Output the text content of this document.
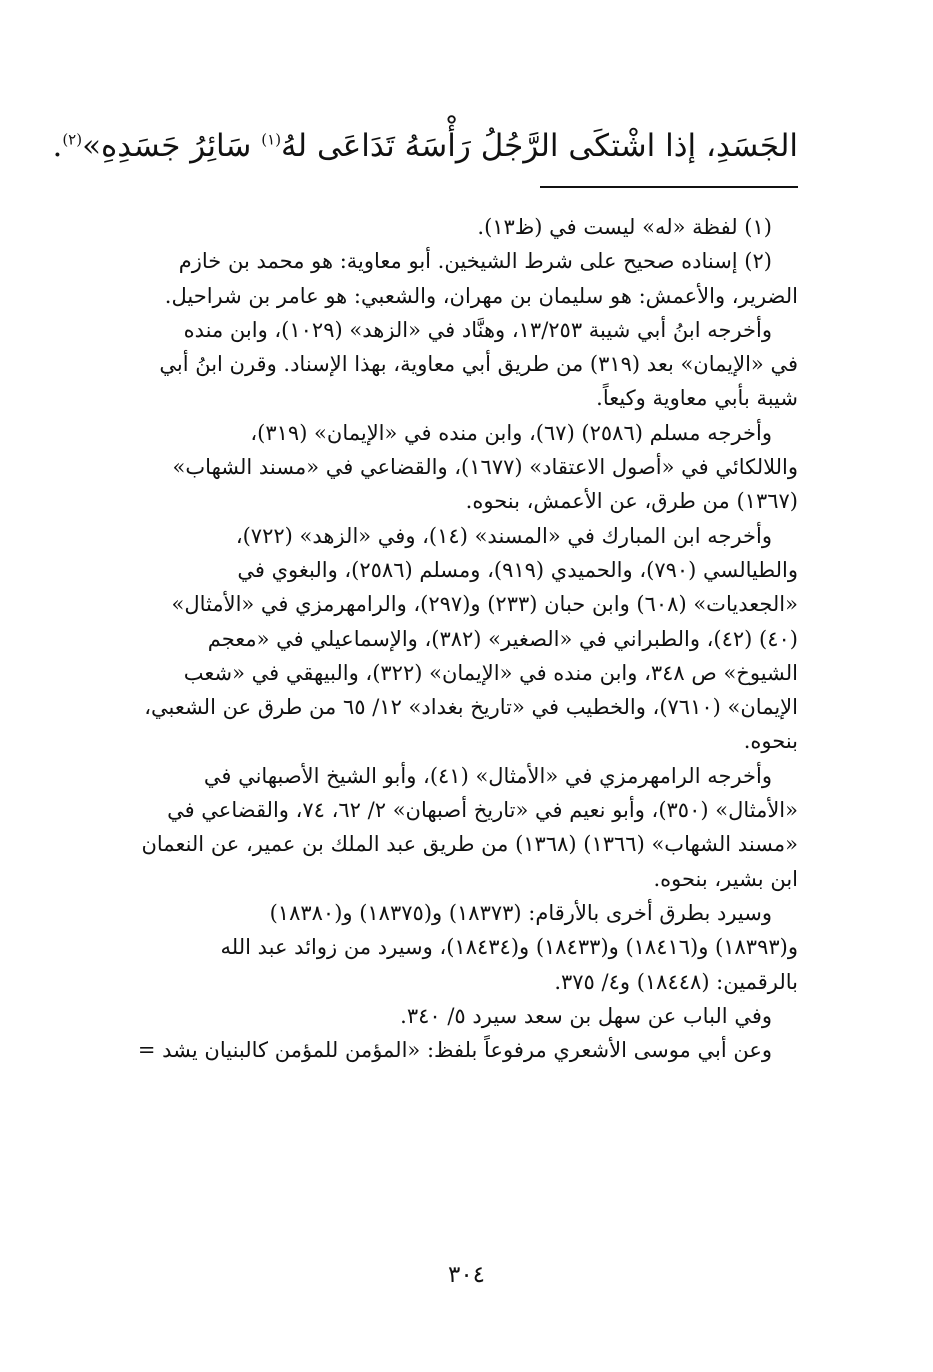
الجَسَدِ، إذا اشْتكَى الرَّجُلُ رَأْسَهُ تَدَاعَى لهُ$^{(١)}$ سَائِرُ جَسَدِهِ»$^{(٢)}$.
(١) لفظة «له» ليست في (ظ١٣).
(٢) إسناده صحيح على شرط الشيخين. أبو معاوية: هو محمد بن خازم
الضرير، والأعمش: هو سليمان بن مهران، والشعبي: هو عامر بن شراحيل.
وأخرجه ابنُ أبي شيبة ١٣/٢٥٣، وهنَّاد في «الزهد» (١٠٢٩)، وابن منده
في «الإيمان» بعد (٣١٩) من طريق أبي معاوية، بهذا الإسناد. وقرن ابنُ أبي
شيبة بأبي معاوية وكيعاً.
وأخرجه مسلم (٢٥٨٦) (٦٧)، وابن منده في «الإيمان» (٣١٩)،
واللالكائي في «أصول الاعتقاد» (١٦٧٧)، والقضاعي في «مسند الشهاب»
(١٣٦٧) من طرق، عن الأعمش، بنحوه.
وأخرجه ابن المبارك في «المسند» (١٤)، وفي «الزهد» (٧٢٢)،
والطيالسي (٧٩٠)، والحميدي (٩١٩)، ومسلم (٢٥٨٦)، والبغوي في
«الجعديات» (٦٠٨) وابن حبان (٢٣٣) و(٢٩٧)، والرامهرمزي في «الأمثال»
(٤٠) (٤٢)، والطبراني في «الصغير» (٣٨٢)، والإسماعيلي في «معجم
الشيوخ» ص ٣٤٨، وابن منده في «الإيمان» (٣٢٢)، والبيهقي في «شعب
الإيمان» (٧٦١٠)، والخطيب في «تاريخ بغداد» ١٢/ ٦٥ من طرق عن الشعبي،
بنحوه.
وأخرجه الرامهرمزي في «الأمثال» (٤١)، وأبو الشيخ الأصبهاني في
«الأمثال» (٣٥٠)، وأبو نعيم في «تاريخ أصبهان» ٢/ ٦٢، ٧٤، والقضاعي في
«مسند الشهاب» (١٣٦٦) (١٣٦٨) من طريق عبد الملك بن عمير، عن النعمان
ابن بشير، بنحوه.
وسيرد بطرق أخرى بالأرقام: (١٨٣٧٣) و(١٨٣٧٥) و(١٨٣٨٠)
و(١٨٣٩٣) و(١٨٤١٦) و(١٨٤٣٣) و(١٨٤٣٤)، وسيرد من زوائد عبد الله
بالرقمين: (١٨٤٤٨) و٤/ ٣٧٥.
وفي الباب عن سهل بن سعد سيرد ٥/ ٣٤٠.
وعن أبي موسى الأشعري مرفوعاً بلفظ: «المؤمن للمؤمن كالبنيان يشد =
٣٠٤
